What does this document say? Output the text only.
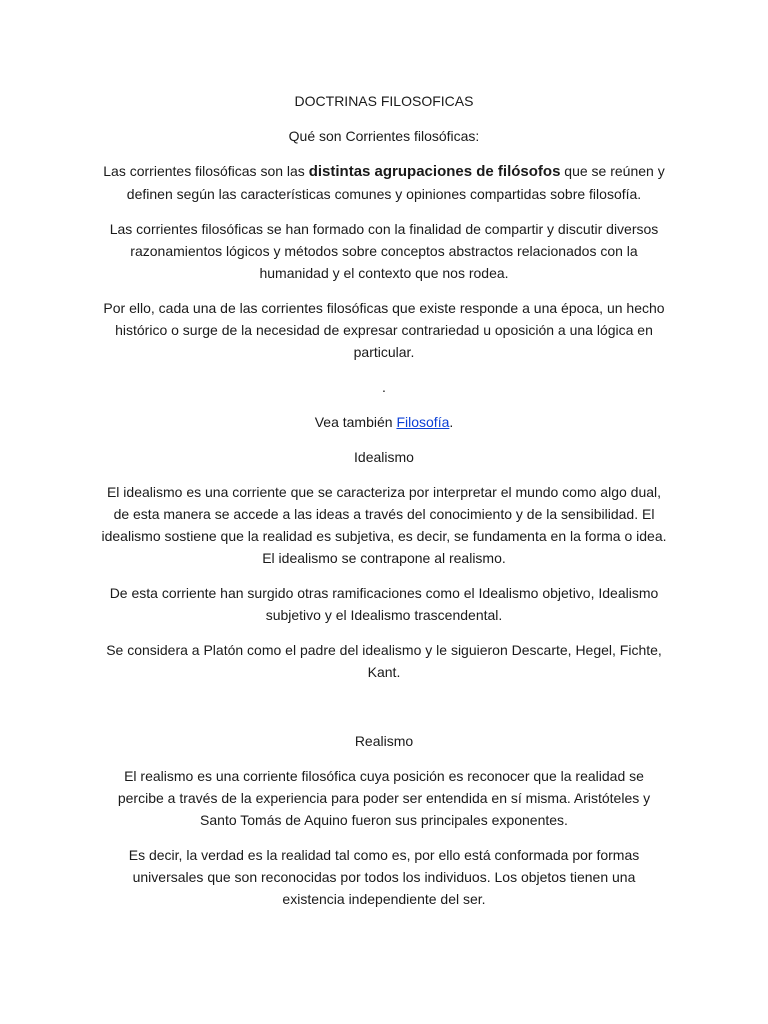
DOCTRINAS FILOSOFICAS

Qué son Corrientes filosóficas:

Las corrientes filosóficas son las distintas agrupaciones de filósofos que se reúnen y definen según las características comunes y opiniones compartidas sobre filosofía.

Las corrientes filosóficas se han formado con la finalidad de compartir y discutir diversos razonamientos lógicos y métodos sobre conceptos abstractos relacionados con la humanidad y el contexto que nos rodea.

Por ello, cada una de las corrientes filosóficas que existe responde a una época, un hecho histórico o surge de la necesidad de expresar contrariedad u oposición a una lógica en particular.

.

Vea también Filosofía.

Idealismo

El idealismo es una corriente que se caracteriza por interpretar el mundo como algo dual, de esta manera se accede a las ideas a través del conocimiento y de la sensibilidad. El idealismo sostiene que la realidad es subjetiva, es decir, se fundamenta en la forma o idea. El idealismo se contrapone al realismo.

De esta corriente han surgido otras ramificaciones como el Idealismo objetivo, Idealismo subjetivo y el Idealismo trascendental.

Se considera a Platón como el padre del idealismo y le siguieron Descarte, Hegel, Fichte, Kant.

Realismo

El realismo es una corriente filosófica cuya posición es reconocer que la realidad se percibe a través de la experiencia para poder ser entendida en sí misma. Aristóteles y Santo Tomás de Aquino fueron sus principales exponentes.

Es decir, la verdad es la realidad tal como es, por ello está conformada por formas universales que son reconocidas por todos los individuos. Los objetos tienen una existencia independiente del ser.
